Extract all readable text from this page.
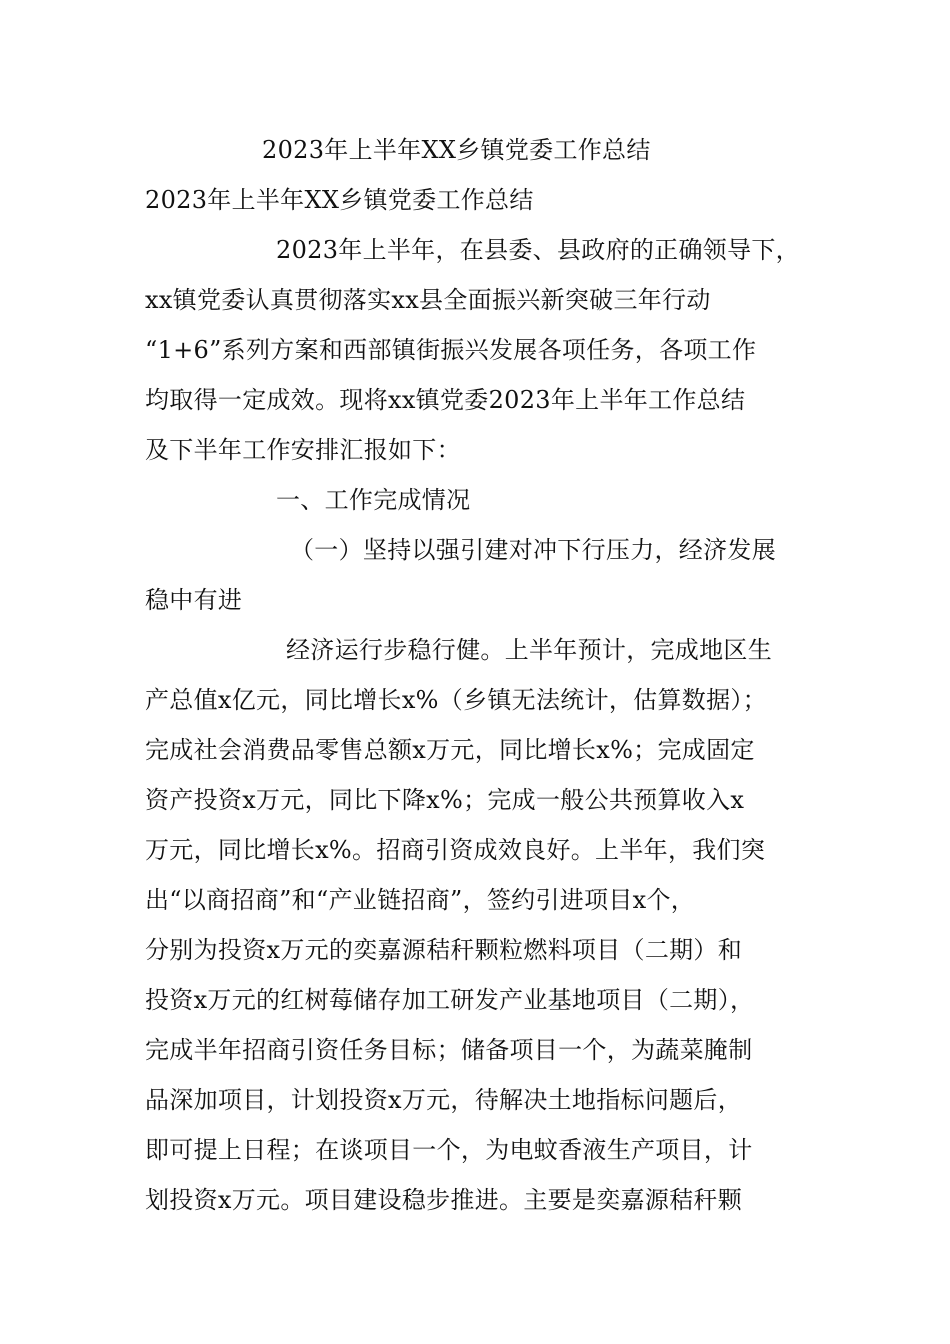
2023年上半年XX乡镇党委工作总结
2023年上半年XX乡镇党委工作总结
2023年上半年，在县委、县政府的正确领导下，
xx镇党委认真贯彻落实xx县全面振兴新突破三年行动
“1+6”系列方案和西部镇街振兴发展各项任务，各项工作
均取得一定成效。现将xx镇党委2023年上半年工作总结
及下半年工作安排汇报如下：
一、工作完成情况
（一）坚持以强引建对冲下行压力，经济发展
稳中有进
经济运行步稳行健。上半年预计，完成地区生
产总值x亿元，同比增长x%（乡镇无法统计，估算数据）；
完成社会消费品零售总额x万元，同比增长x%；完成固定
资产投资x万元，同比下降x%；完成一般公共预算收入x
万元，同比增长x%。招商引资成效良好。上半年，我们突
出“以商招商”和“产业链招商”，签约引进项目x个，
分别为投资x万元的奕嘉源秸秆颗粒燃料项目（二期）和
投资x万元的红树莓储存加工研发产业基地项目（二期），
完成半年招商引资任务目标；储备项目一个，为蔬菜腌制
品深加项目，计划投资x万元，待解决土地指标问题后，
即可提上日程；在谈项目一个，为电蚊香液生产项目，计
划投资x万元。项目建设稳步推进。主要是奕嘉源秸秆颗
